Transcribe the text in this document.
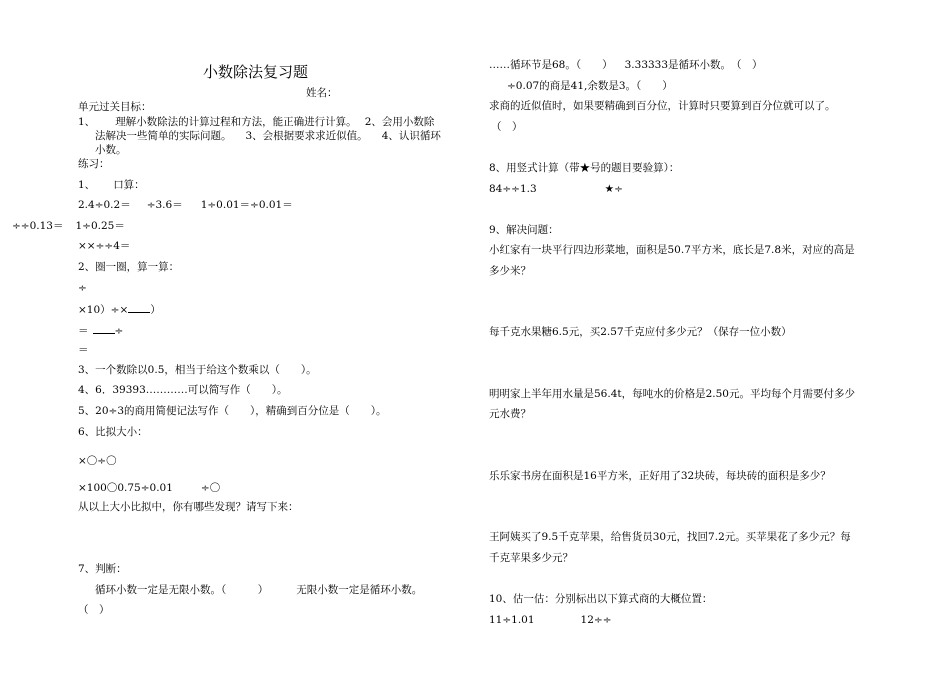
小数除法复习题
姓名：
单元过关目标：
1、 理解小数除法的计算过程和方法，能正确进行计算。 2、会用小数除
法解决一些简单的实际问题。 3、会根据要求求近似值。 4、认识循环
小数。
练习：
1、 口算：
2.4÷0.2＝ ÷3.6＝ 1÷0.01＝÷0.01＝
÷÷0.13＝ 1÷0.25＝
××÷÷4＝
2、圈一圈，算一算：
÷
×10）÷× ）
＝ ÷
＝
3、一个数除以0.5，相当于给这个数乘以（　　）。
4、6．39393…………可以简写作（　　）。
5、20÷3的商用简便记法写作（　　），精确到百分位是（　　）。
6、比拟大小：
×〇÷〇
×100〇0.75÷0.01	÷〇
从以上大小比拟中，你有哪些发现？请写下来：
7、判断：
循环小数一定是无限小数。（　　　）	无限小数一定是循环小数。
（　）
……循环节是68。（　　） 3.33333是循环小数。　（　）
÷0.07的商是41,余数是3。（　　）
求商的近似值时，如果要精确到百分位，计算时只要算到百分位就可以了。
（　）
8、用竖式计算（带★号的题目要验算）：
84÷÷1.3	★÷
9、解决问题：
小红家有一块平行四边形菜地，面积是50.7平方米，底长是7.8米，对应的高是
多少米？
每千克水果糖6.5元，买2.57千克应付多少元？（保存一位小数）
明明家上半年用水量是56.4t，每吨水的价格是2.50元。平均每个月需要付多少
元水费？
乐乐家书房在面积是16平方米，正好用了32块砖，每块砖的面积是多少？
王阿姨买了9.5千克苹果，给售货员30元，找回7.2元。买苹果花了多少元？每
千克苹果多少元？
10、估一估：分别标出以下算式商的大概位置：
11÷1.01	12÷÷
